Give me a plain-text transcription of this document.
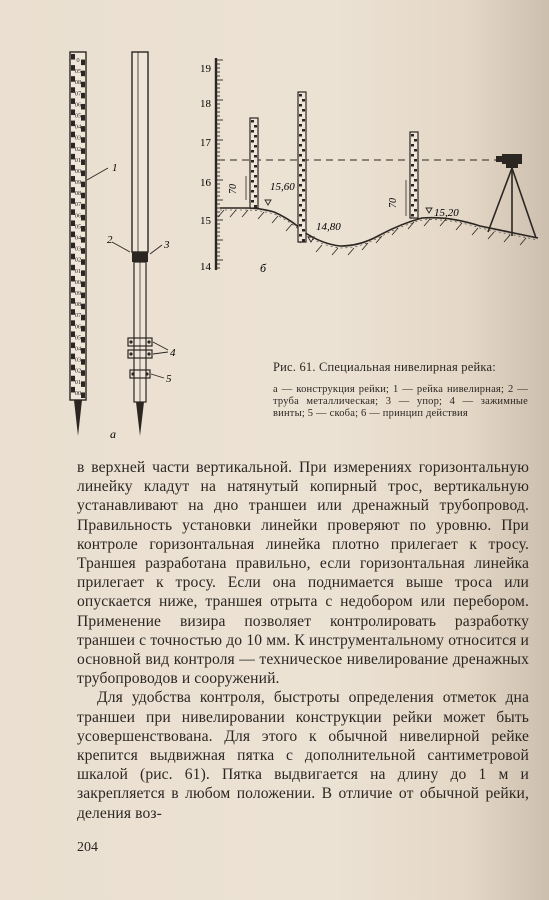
0
05
08
07
06
05
04
03
02
01
00
09
08
07
06
05
04
03
02
01
00
09
08
07
06
05
04
03
02
01
00
1
2	3
4
5
а
19
18
17
16
15
14
70	15,60
14,80
б
70
15,20
Рис. 61. Специальная нивелирная рейка:
а — конструкция рейки; 1 — рейка нивелирная; 2 — труба металлическая; 3 — упор; 4 — зажимные винты; 5 — скоба; 6 — принцип действия

в верхней части вертикальной. При измерениях горизонтальную линейку кладут на натянутый копирный трос, вертикальную устанавливают на дно траншеи или дренажный трубопровод. Правильность установки линейки проверяют по уровню. При контроле горизонтальная линейка плотно прилегает к тросу. Траншея разработана правильно, если горизонтальная линейка прилегает к тросу. Если она поднимается выше троса или опускается ниже, траншея отрыта с недобором или перебором. Применение визира позволяет контролировать разработку траншеи с точностью до 10 мм. К инструментальному относится и основной вид контроля — техническое нивелирование дренажных трубопроводов и сооружений.

Для удобства контроля, быстроты определения отметок дна траншеи при нивелировании конструкции рейки может быть усовершенствована. Для этого к обычной нивелирной рейке крепится выдвижная пятка с дополнительной сантиметровой шкалой (рис. 61). Пятка выдвигается на длину до 1 м и закрепляется в любом положении. В отличие от обычной рейки, деления воз-

204
